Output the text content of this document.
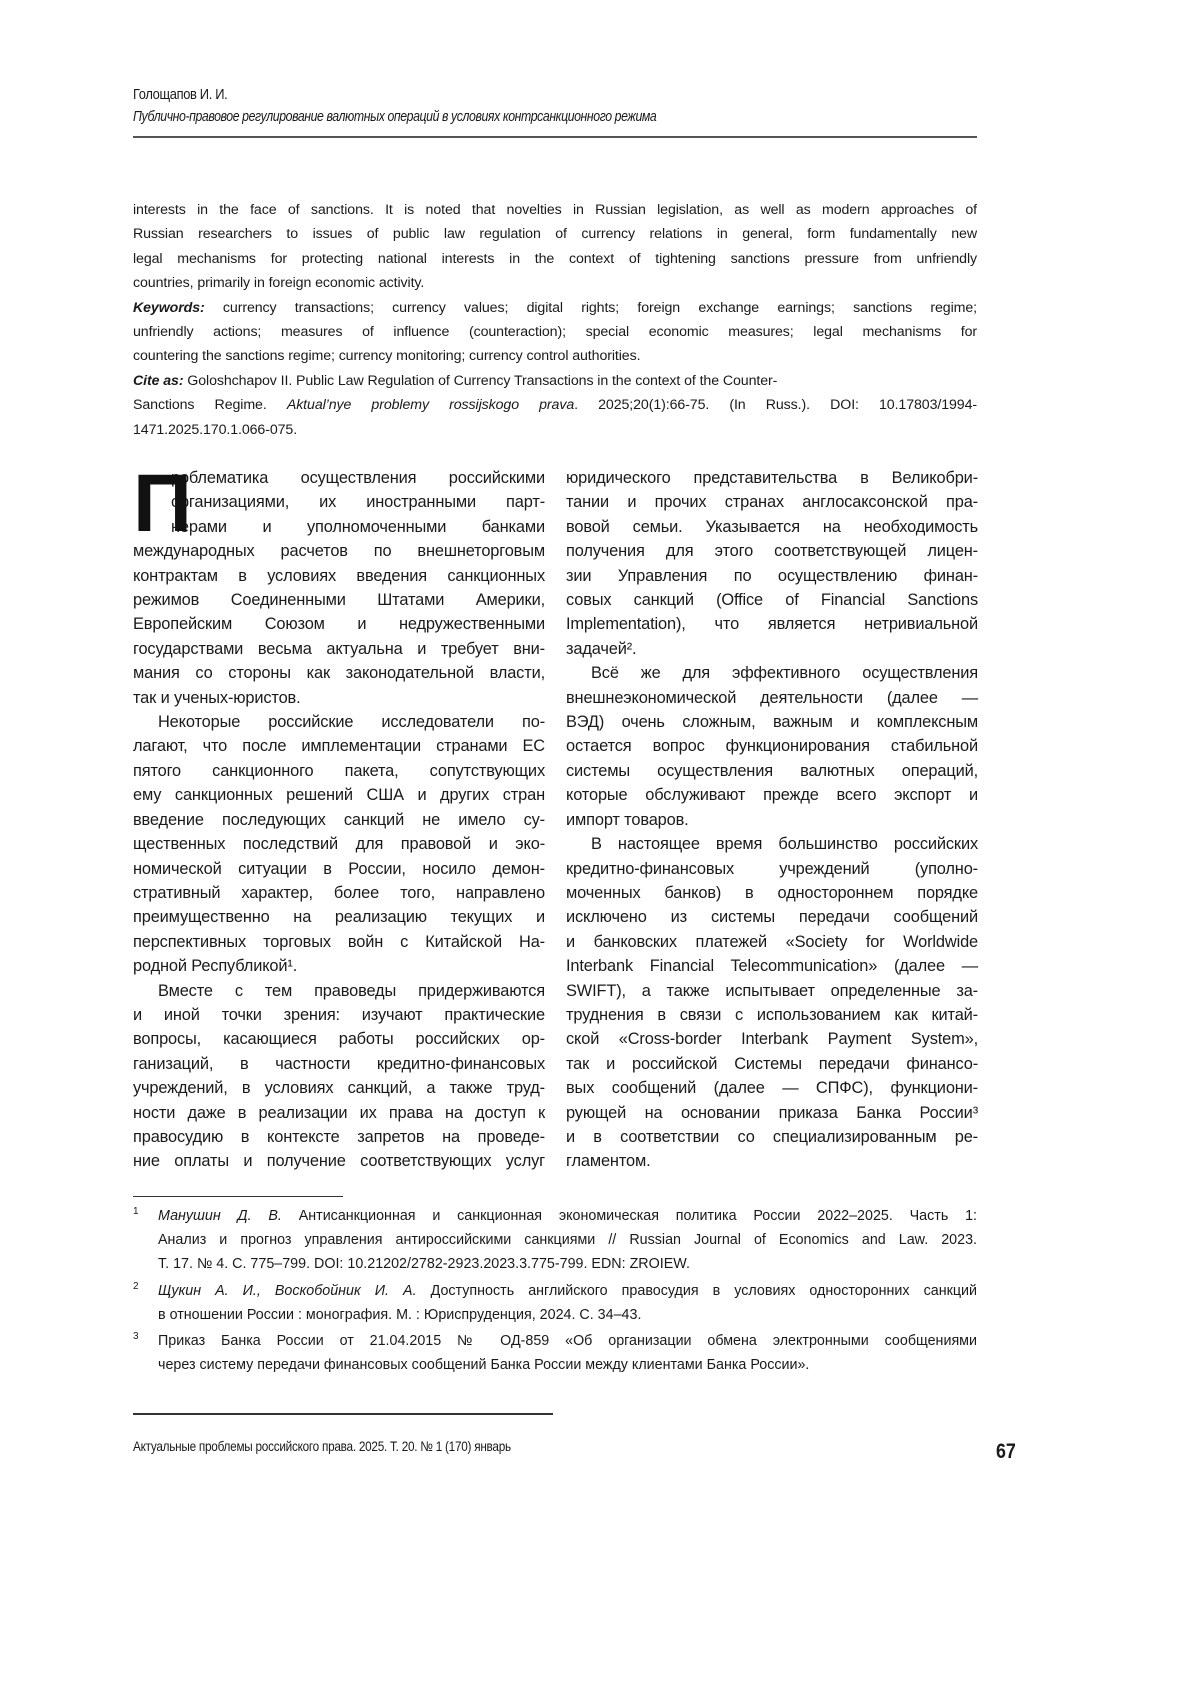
Голощапов И. И.
Публично-правовое регулирование валютных операций в условиях контрсанкционного режима
interests in the face of sanctions. It is noted that novelties in Russian legislation, as well as modern approaches of
Russian researchers to issues of public law regulation of currency relations in general, form fundamentally new
legal mechanisms for protecting national interests in the context of tightening sanctions pressure from unfriendly
countries, primarily in foreign economic activity.
Keywords: currency transactions; currency values; digital rights; foreign exchange earnings; sanctions regime;
unfriendly actions; measures of influence (counteraction); special economic measures; legal mechanisms for
countering the sanctions regime; currency monitoring; currency control authorities.
Cite as: Goloshchapov II. Public Law Regulation of Currency Transactions in the context of the Counter-
Sanctions Regime. Aktual’nye problemy rossijskogo prava. 2025;20(1):66-75. (In Russ.). DOI: 10.17803/1994-
1471.2025.170.1.066-075.
П
роблематика осуществления российскими
организациями, их иностранными парт-
нерами и уполномоченными банками
международных расчетов по внешнеторговым
контрактам в условиях введения санкционных
режимов Соединенными Штатами Америки,
Европейским Союзом и недружественными
государствами весьма актуальна и требует вни-
мания со стороны как законодательной власти,
так и ученых-юристов.
Некоторые российские исследователи по-
лагают, что после имплементации странами ЕС
пятого санкционного пакета, сопутствующих
ему санкционных решений США и других стран
введение последующих санкций не имело су-
щественных последствий для правовой и эко-
номической ситуации в России, носило демон-
стративный характер, более того, направлено
преимущественно на реализацию текущих и
перспективных торговых войн с Китайской На-
родной Республикой¹.
Вместе с тем правоведы придерживаются
и иной точки зрения: изучают практические
вопросы, касающиеся работы российских ор-
ганизаций, в частности кредитно-финансовых
учреждений, в условиях санкций, а также труд-
ности даже в реализации их права на доступ к
правосудию в контексте запретов на проведе-
ние оплаты и получение соответствующих услуг
юридического представительства в Великобри-
тании и прочих странах англосаксонской пра-
вовой семьи. Указывается на необходимость
получения для этого соответствующей лицен-
зии Управления по осуществлению финан-
совых санкций (Office of Financial Sanctions
Implementation), что является нетривиальной
задачей².
Всё же для эффективного осуществления
внешнеэкономической деятельности (далее —
ВЭД) очень сложным, важным и комплексным
остается вопрос функционирования стабильной
системы осуществления валютных операций,
которые обслуживают прежде всего экспорт и
импорт товаров.
В настоящее время большинство российских
кредитно-финансовых учреждений (уполно-
моченных банков) в одностороннем порядке
исключено из системы передачи сообщений
и банковских платежей «Society for Worldwide
Interbank Financial Telecommunication» (далее —
SWIFT), а также испытывает определенные за-
труднения в связи с использованием как китай-
ской «Cross-border Interbank Payment System»,
так и российской Системы передачи финансо-
вых сообщений (далее — СПФС), функциони-
рующей на основании приказа Банка России³
и в соответствии со специализированным ре-
гламентом.
1 Манушин Д. В. Антисанкционная и санкционная экономическая политика России 2022–2025. Часть 1:
Анализ и прогноз управления антироссийскими санкциями // Russian Journal of Economics and Law. 2023.
Т. 17. № 4. С. 775–799. DOI: 10.21202/2782-2923.2023.3.775-799. EDN: ZROIEW.
2 Щукин А. И., Воскобойник И. А. Доступность английского правосудия в условиях односторонних санкций
в отношении России : монография. М. : Юриспруденция, 2024. С. 34–43.
3 Приказ Банка России от 21.04.2015 № ОД-859 «Об организации обмена электронными сообщениями
через систему передачи финансовых сообщений Банка России между клиентами Банка России».
Актуальные проблемы российского права. 2025. Т. 20. № 1 (170) январь	67
